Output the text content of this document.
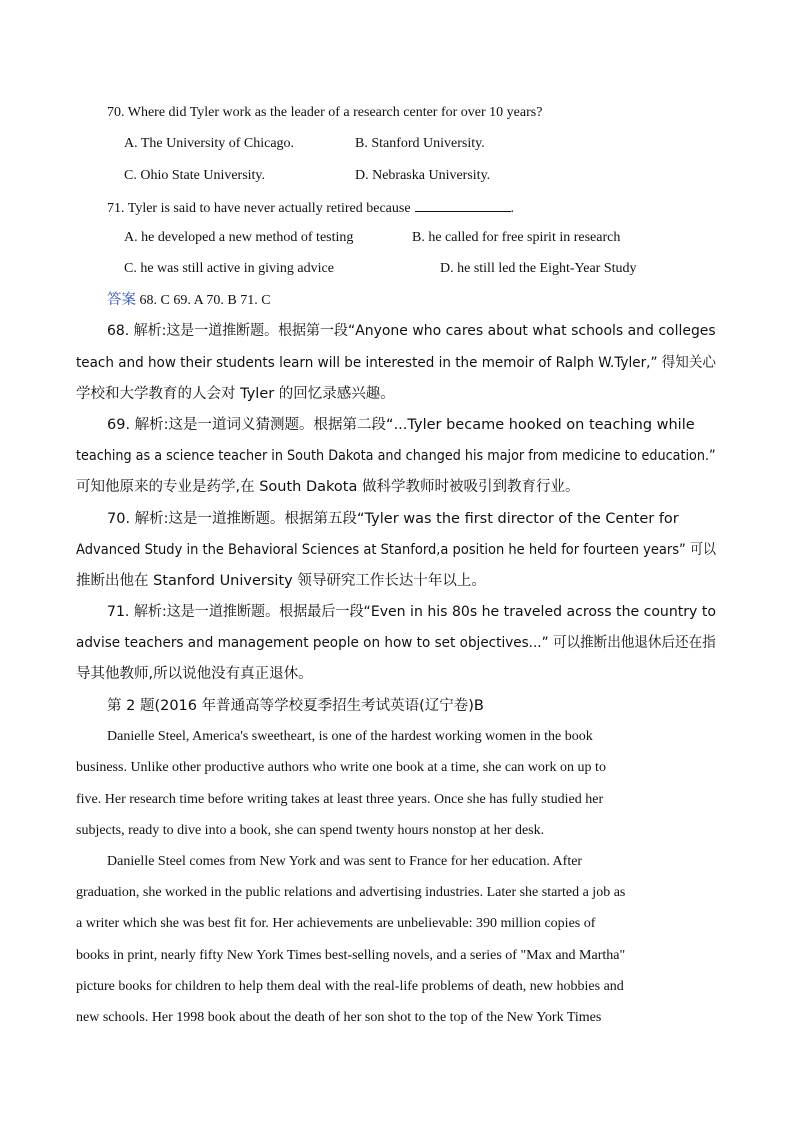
70. Where did Tyler work as the leader of a research center for over 10 years?
A. The University of Chicago.	B. Stanford University.
C. Ohio State University.	D. Nebraska University.
71. Tyler is said to have never actually retired because	.
A. he developed a new method of testing	B. he called for free spirit in research
C. he was still active in giving advice	D. he still led the Eight-Year Study
答案 68. C 69. A 70. B 71. C
68. 解析:这是一道推断题。根据第一段“Anyone who cares about what schools and colleges
teach and how their students learn will be interested in the memoir of Ralph W.Tyler,” 得知关心
学校和大学教育的人会对 Tyler 的回忆录感兴趣。
69. 解析:这是一道词义猜测题。根据第二段“...Tyler became hooked on teaching while
teaching as a science teacher in South Dakota and changed his major from medicine to education.”
可知他原来的专业是药学,在 South Dakota 做科学教师时被吸引到教育行业。
70. 解析:这是一道推断题。根据第五段“Tyler was the first director of the Center for
Advanced Study in the Behavioral Sciences at Stanford,a position he held for fourteen years” 可以
推断出他在 Stanford University 领导研究工作长达十年以上。
71. 解析:这是一道推断题。根据最后一段“Even in his 80s he traveled across the country to
advise teachers and management people on how to set objectives...” 可以推断出他退休后还在指
导其他教师,所以说他没有真正退休。
第 2 题(2016 年普通高等学校夏季招生考试英语(辽宁卷)B
Danielle Steel, America's sweetheart, is one of the hardest working women in the book
business. Unlike other productive authors who write one book at a time, she can work on up to
five. Her research time before writing takes at least three years. Once she has fully studied her
subjects, ready to dive into a book, she can spend twenty hours nonstop at her desk.
Danielle Steel comes from New York and was sent to France for her education. After
graduation, she worked in the public relations and advertising industries. Later she started a job as
a writer which she was best fit for. Her achievements are unbelievable: 390 million copies of
books in print, nearly fifty New York Times best-selling novels, and a series of "Max and Martha"
picture books for children to help them deal with the real-life problems of death, new hobbies and
new schools. Her 1998 book about the death of her son shot to the top of the New York Times
